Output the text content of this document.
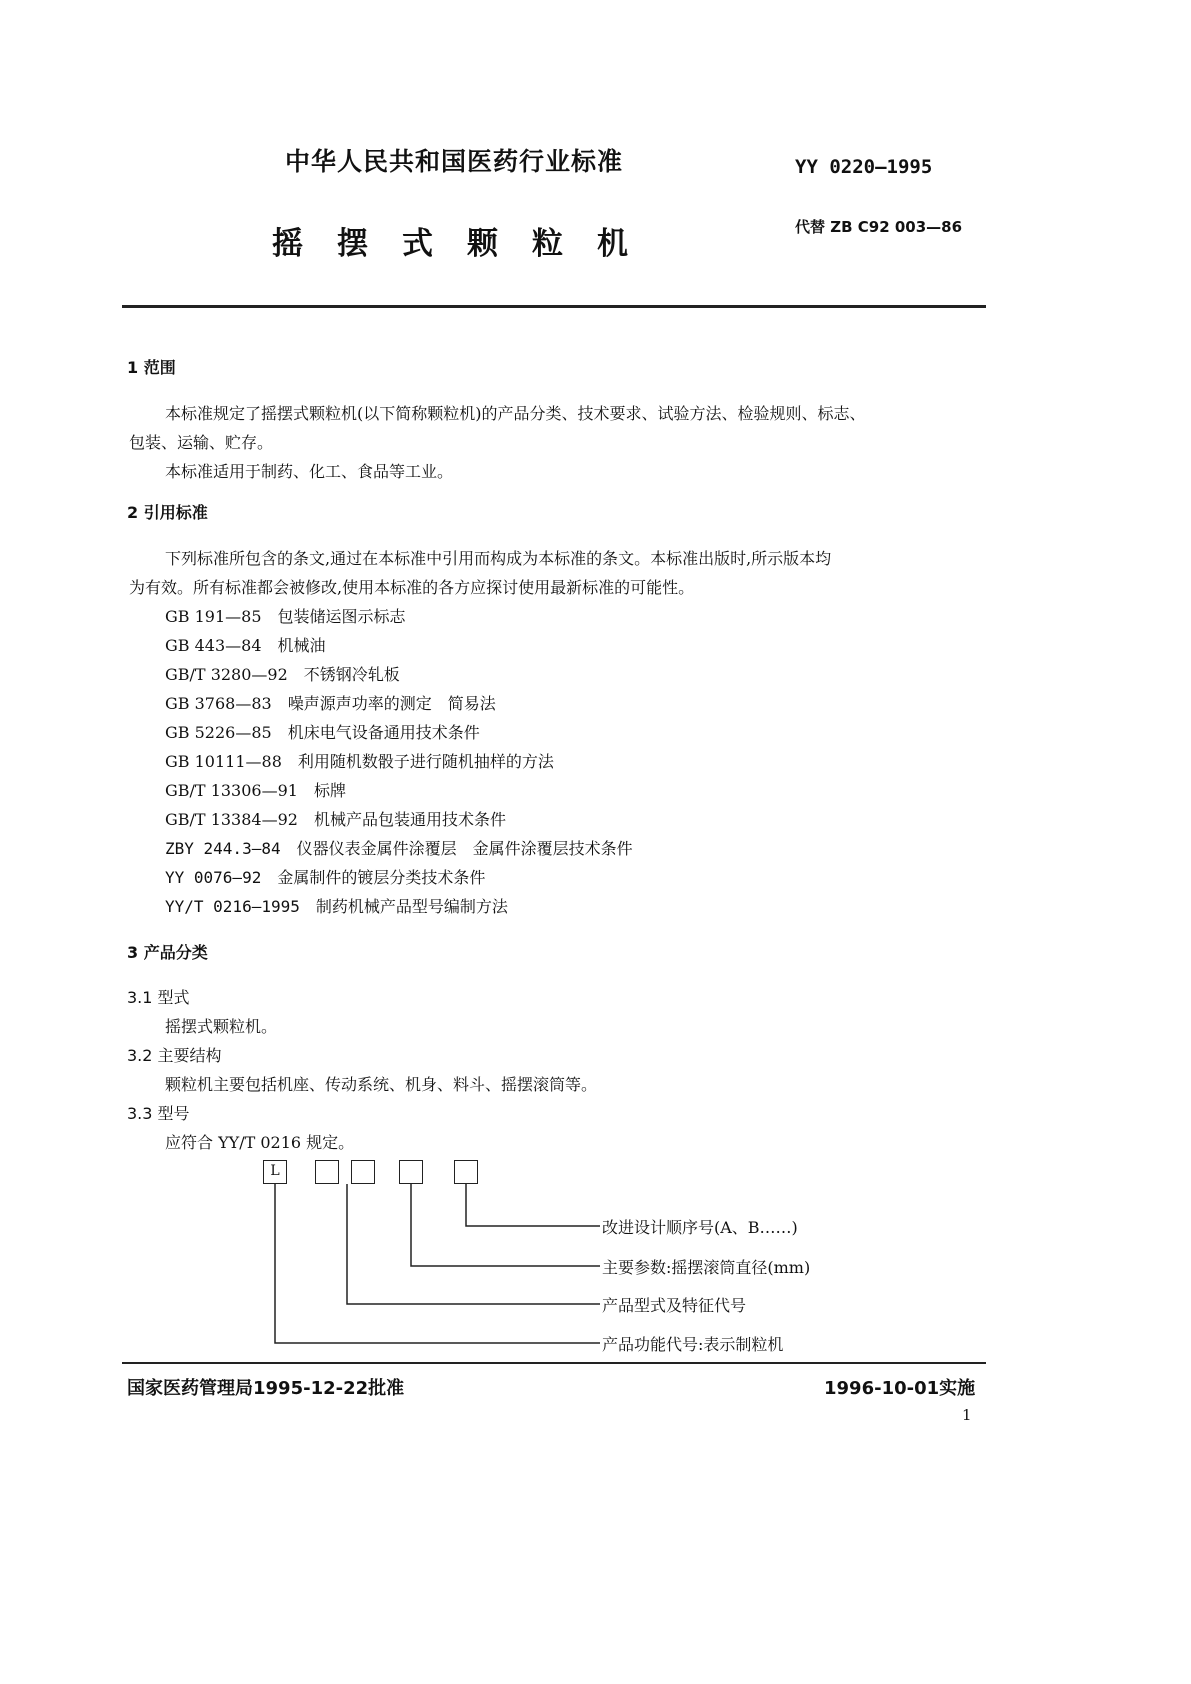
中华人民共和国医药行业标准	YY 0220—1995
摇摆式颗粒机	代替 ZB C92 003—86
1 范围
本标准规定了摇摆式颗粒机(以下简称颗粒机)的产品分类、技术要求、试验方法、检验规则、标志、
包装、运输、贮存。
本标准适用于制药、化工、食品等工业。
2 引用标准
下列标准所包含的条文,通过在本标准中引用而构成为本标准的条文。本标准出版时,所示版本均
为有效。所有标准都会被修改,使用本标准的各方应探讨使用最新标准的可能性。
GB 191—85　 包装储运图示标志
GB 443—84　 机械油
GB/T 3280—92　 不锈钢冷轧板
GB 3768—83　 噪声源声功率的测定　简易法
GB 5226—85　 机床电气设备通用技术条件
GB 10111—88　 利用随机数骰子进行随机抽样的方法
GB/T 13306—91　 标牌
GB/T 13384—92　 机械产品包装通用技术条件
ZBY 244.3—84　 仪器仪表金属件涂覆层　金属件涂覆层技术条件
YY 0076—92　 金属制件的镀层分类技术条件
YY/T 0216—1995　 制药机械产品型号编制方法
3 产品分类
3.1 型式
摇摆式颗粒机。
3.2 主要结构
颗粒机主要包括机座、传动系统、机身、料斗、摇摆滚筒等。
3.3 型号
应符合 YY/T 0216 规定。
L
改进设计顺序号(A、B……)
主要参数:摇摆滚筒直径(mm)
产品型式及特征代号
产品功能代号:表示制粒机
国家医药管理局1995-12-22批准	1996-10-01实施
1
